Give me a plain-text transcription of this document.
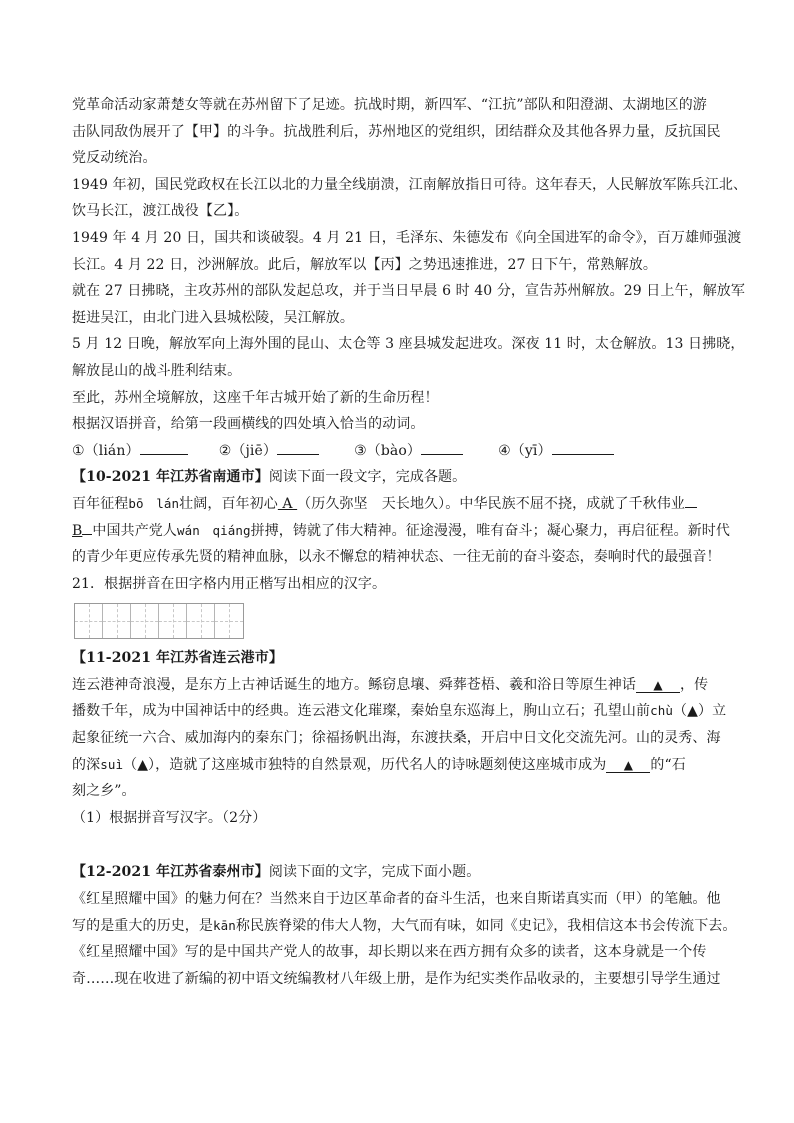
党革命活动家萧楚女等就在苏州留下了足迹。抗战时期，新四军、“江抗”部队和阳澄湖、太湖地区的游
击队同敌伪展开了【甲】的斗争。抗战胜利后，苏州地区的党组织，团结群众及其他各界力量，反抗国民
党反动统治。
1949 年初，国民党政权在长江以北的力量全线崩溃，江南解放指日可待。这年春天，人民解放军陈兵江北、
饮马长江，渡江战役【乙】。
1949 年 4 月 20 日，国共和谈破裂。4 月 21 日，毛泽东、朱德发布《向全国进军的命令》，百万雄师强渡
长江。4 月 22 日，沙洲解放。此后，解放军以【丙】之势迅速推进，27 日下午，常熟解放。
就在 27 日拂晓，主攻苏州的部队发起总攻，并于当日早晨 6 时 40 分，宣告苏州解放。29 日上午，解放军
挺进吴江，由北门进入县城松陵，吴江解放。
5 月 12 日晚，解放军向上海外围的昆山、太仓等 3 座县城发起进攻。深夜 11 时，太仓解放。13 日拂晓，
解放昆山的战斗胜利结束。
至此，苏州全境解放，这座千年古城开始了新的生命历程！
根据汉语拼音，给第一段画横线的四处填入恰当的动词。
①（lián）	②（jiē）	③（bào）	④（yī）
【10-2021 年江苏省南通市】阅读下面一段文字，完成各题。
百年征程bō　lán壮阔，百年初心 A （历久弥坚　天长地久）。中华民族不屈不挠，成就了千秋伟业
B 中国共产党人wán　qiáng拼搏，铸就了伟大精神。征途漫漫，唯有奋斗；凝心聚力，再启征程。新时代
的青少年更应传承先贤的精神血脉，以永不懈怠的精神状态、一往无前的奋斗姿态，奏响时代的最强音！
21．根据拼音在田字格内用正楷写出相应的汉字。
【11-2021 年江苏省连云港市】
连云港神奇浪漫，是东方上古神话诞生的地方。鲧窃息壤、舜葬苍梧、羲和浴日等原生神话 ▲ ，传
播数千年，成为中国神话中的经典。连云港文化璀璨，秦始皇东巡海上，朐山立石；孔望山前chù（▲）立
起象征统一六合、威加海内的秦东门；徐福扬帆出海，东渡扶桑，开启中日文化交流先河。山的灵秀、海
的深suì（▲），造就了这座城市独特的自然景观，历代名人的诗咏题刻使这座城市成为 ▲ 的“石
刻之乡”。
（1）根据拼音写汉字。（2分）
【12-2021 年江苏省泰州市】阅读下面的文字，完成下面小题。
《红星照耀中国》的魅力何在？当然来自于边区革命者的奋斗生活，也来自斯诺真实而（甲）的笔触。他
写的是重大的历史，是kān称民族脊梁的伟大人物，大气而有味，如同《史记》，我相信这本书会传流下去。
《红星照耀中国》写的是中国共产党人的故事，却长期以来在西方拥有众多的读者，这本身就是一个传
奇……现在收进了新编的初中语文统编教材八年级上册，是作为纪实类作品收录的，主要想引导学生通过
